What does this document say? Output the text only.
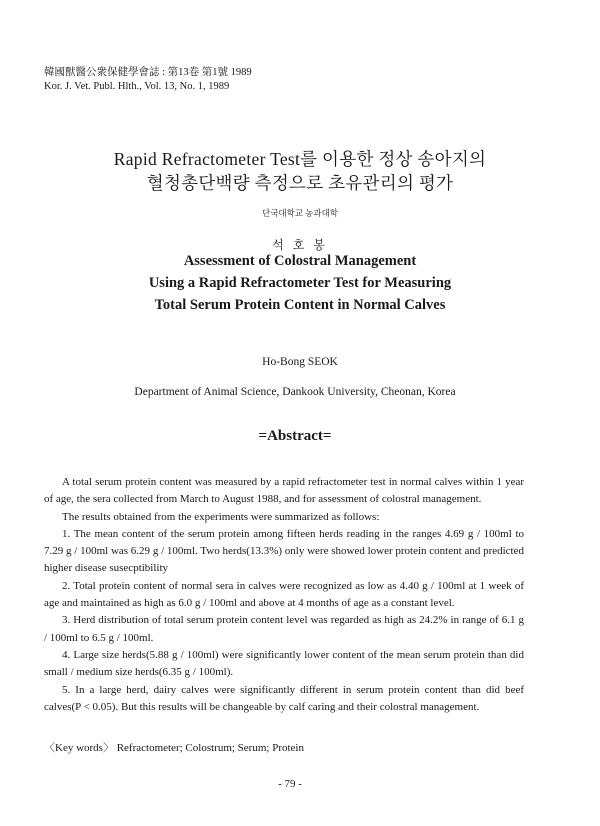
韓國獸醫公衆保健學會誌 : 第13卷 第1號 1989
Kor. J. Vet. Publ. Hlth., Vol. 13, No. 1, 1989
Rapid Refractometer Test를 이용한 정상 송아지의
혈청총단백량 측정으로 초유관리의 평가
단국대학교 농과대학
석 호 봉
Assessment of Colostral Management
Using a Rapid Refractometer Test for Measuring
Total Serum Protein Content in Normal Calves
Ho-Bong SEOK
Department of Animal Science, Dankook University, Cheonan, Korea
=Abstract=

A total serum protein content was measured by a rapid refractometer test in normal calves within 1 year of age, the sera collected from March to August 1988, and for assessment of colostral management.

The results obtained from the experiments were summarized as follows:

1. The mean content of the serum protein among fifteen herds reading in the ranges 4.69 g / 100ml to 7.29 g / 100ml was 6.29 g / 100ml. Two herds(13.3%) only were showed lower protein content and predicted higher disease susecptibility

2. Total protein content of normal sera in calves were recognized as low as 4.40 g / 100ml at 1 week of age and maintained as high as 6.0 g / 100ml and above at 4 months of age as a constant level.

3. Herd distribution of total serum protein content level was regarded as high as 24.2% in range of 6.1 g / 100ml to 6.5 g / 100ml.

4. Large size herds(5.88 g / 100ml) were significantly lower content of the mean serum protein than did small / medium size herds(6.35 g / 100ml).

5. In a large herd, dairy calves were significantly different in serum protein content than did beef calves(P < 0.05). But this results will be changeable by calf caring and their colostral management.

〈Key words〉 Refractometer; Colostrum; Serum; Protein
- 79 -
